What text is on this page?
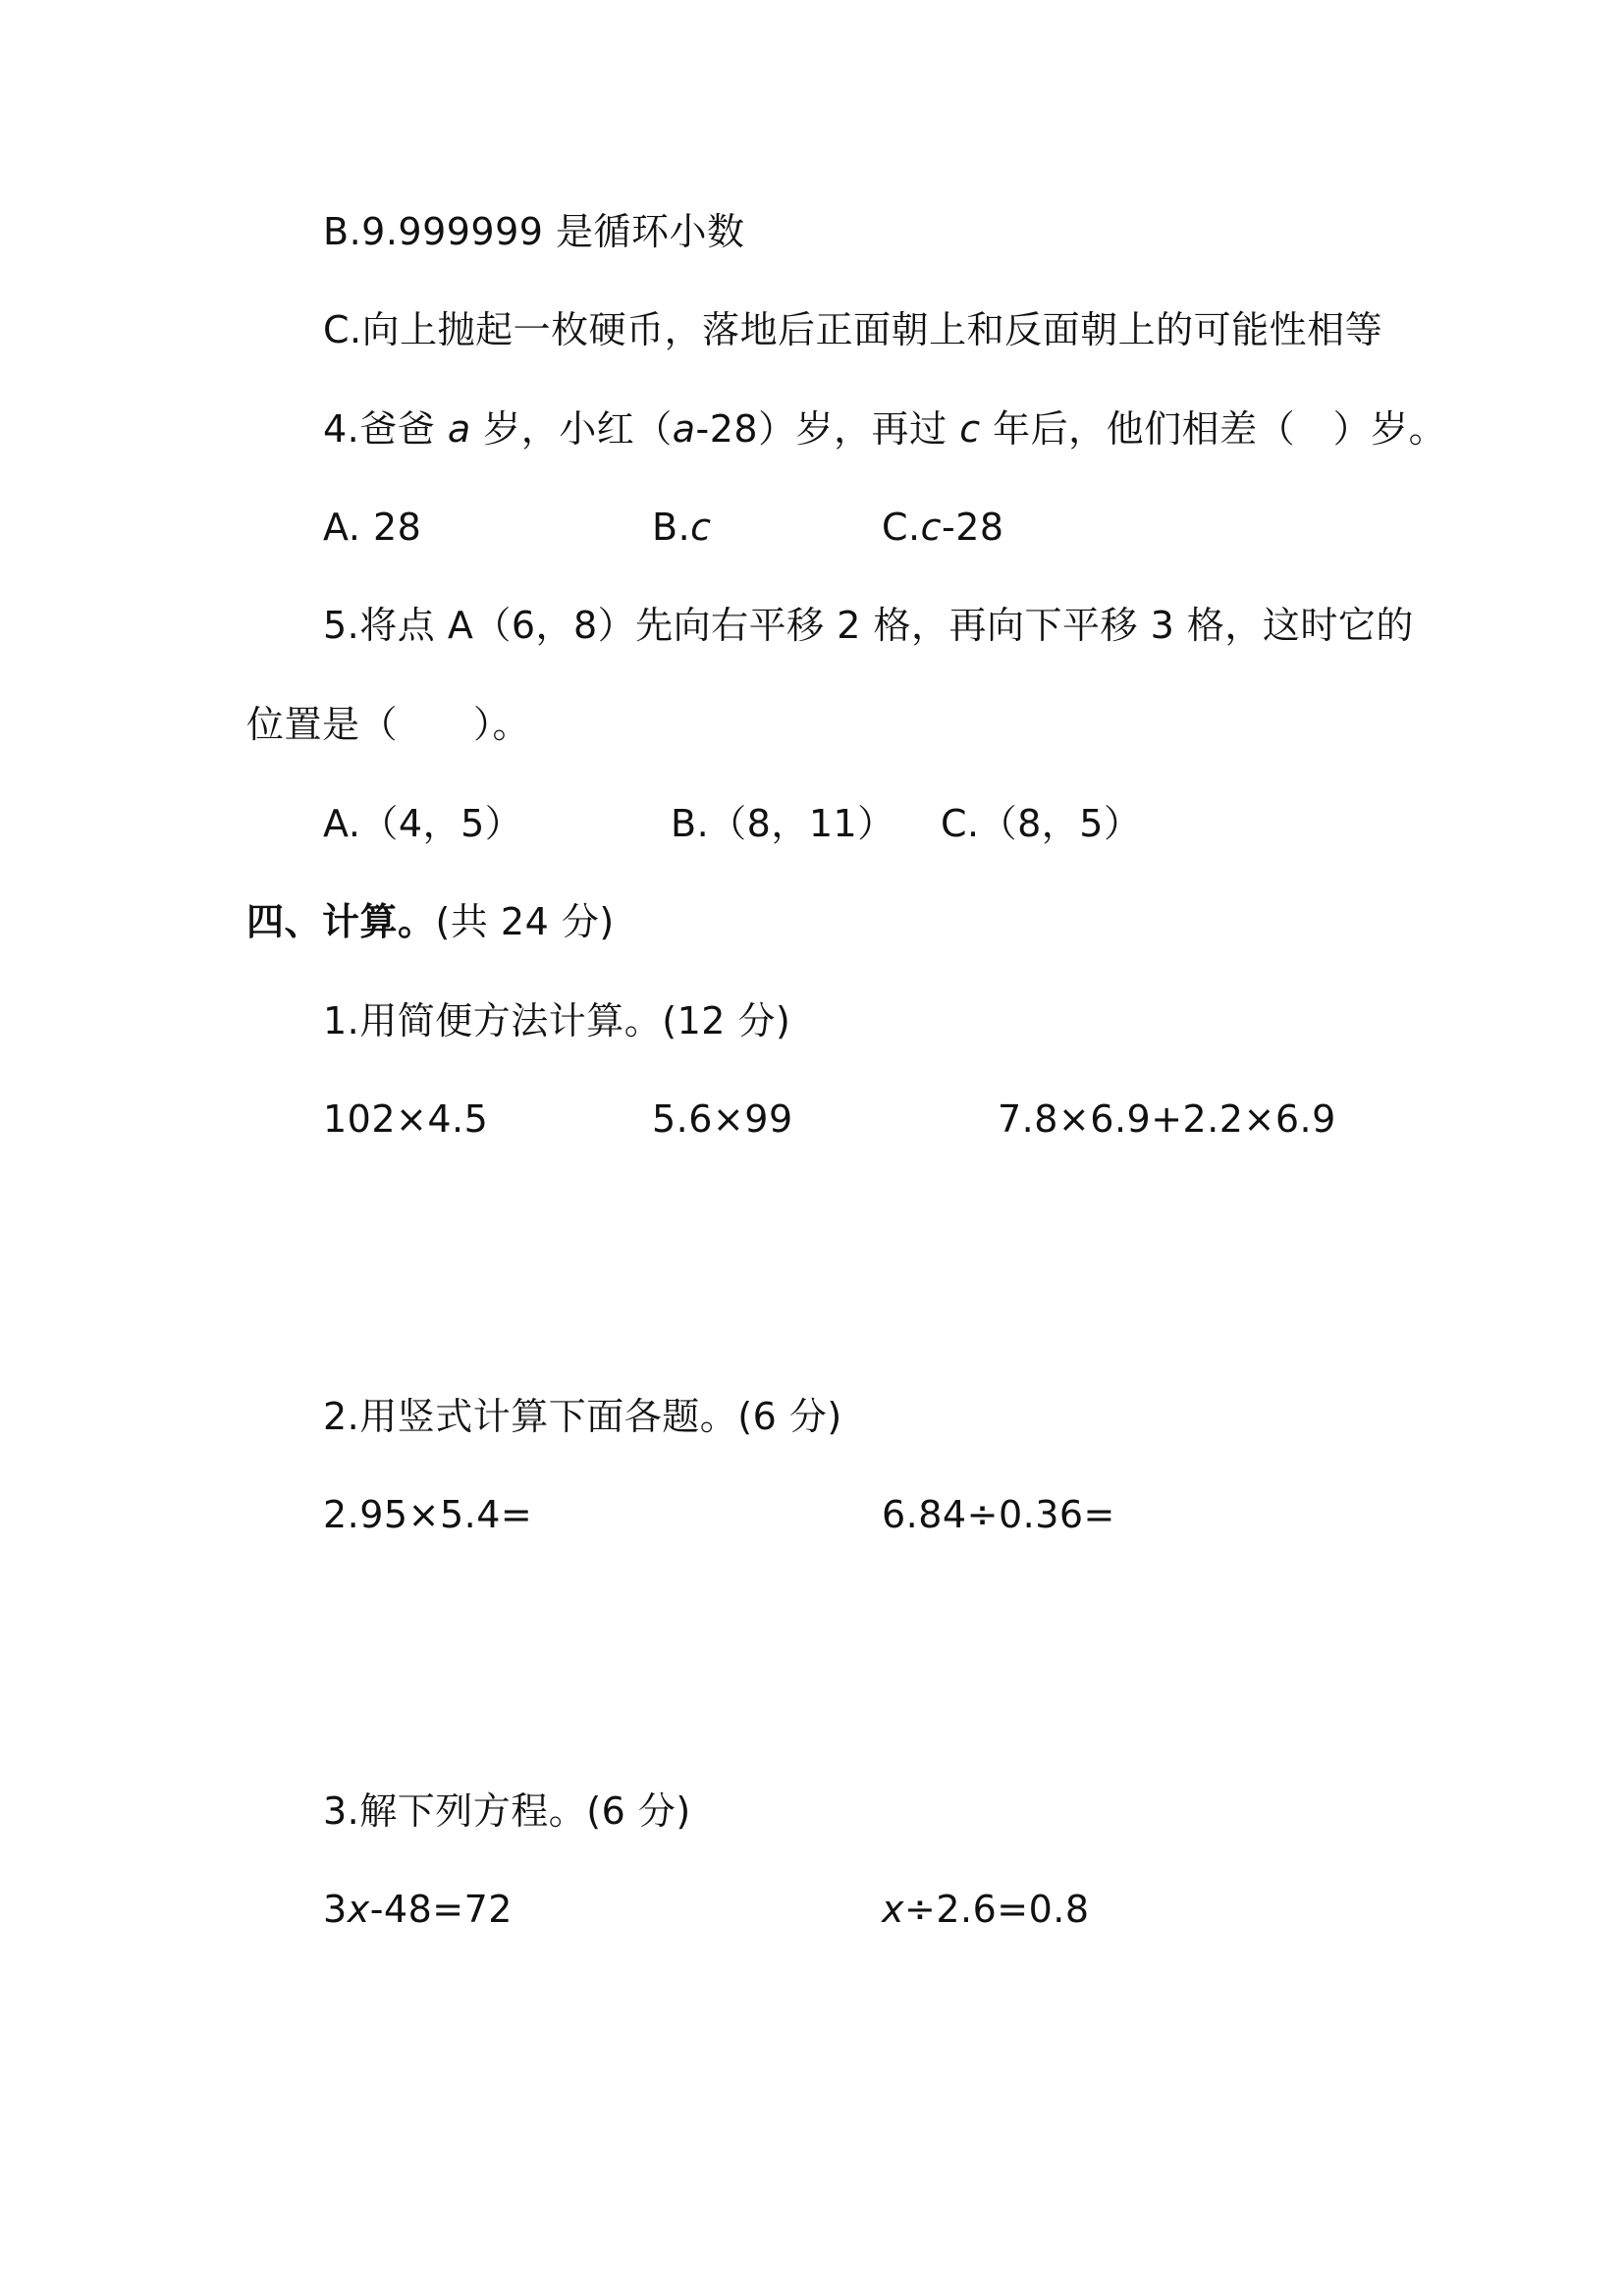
B.9.999999 是循环小数
C.向上抛起一枚硬币，落地后正面朝上和反面朝上的可能性相等
4.爸爸 a 岁，小红（a-28）岁，再过 c 年后，他们相差（　）岁。
A. 28	B.c	C.c-28
5.将点 A（6，8）先向右平移 2 格，再向下平移 3 格，这时它的
位置是（　　）。
A.（4，5）	B.（8，11） C.（8，5）
四、计算。(共 24 分)
1.用简便方法计算。(12 分)
102×4.5	5.6×99	7.8×6.9+2.2×6.9
2.用竖式计算下面各题。(6 分)
2.95×5.4=	6.84÷0.36=
3.解下列方程。(6 分)
3x-48=72	x÷2.6=0.8
